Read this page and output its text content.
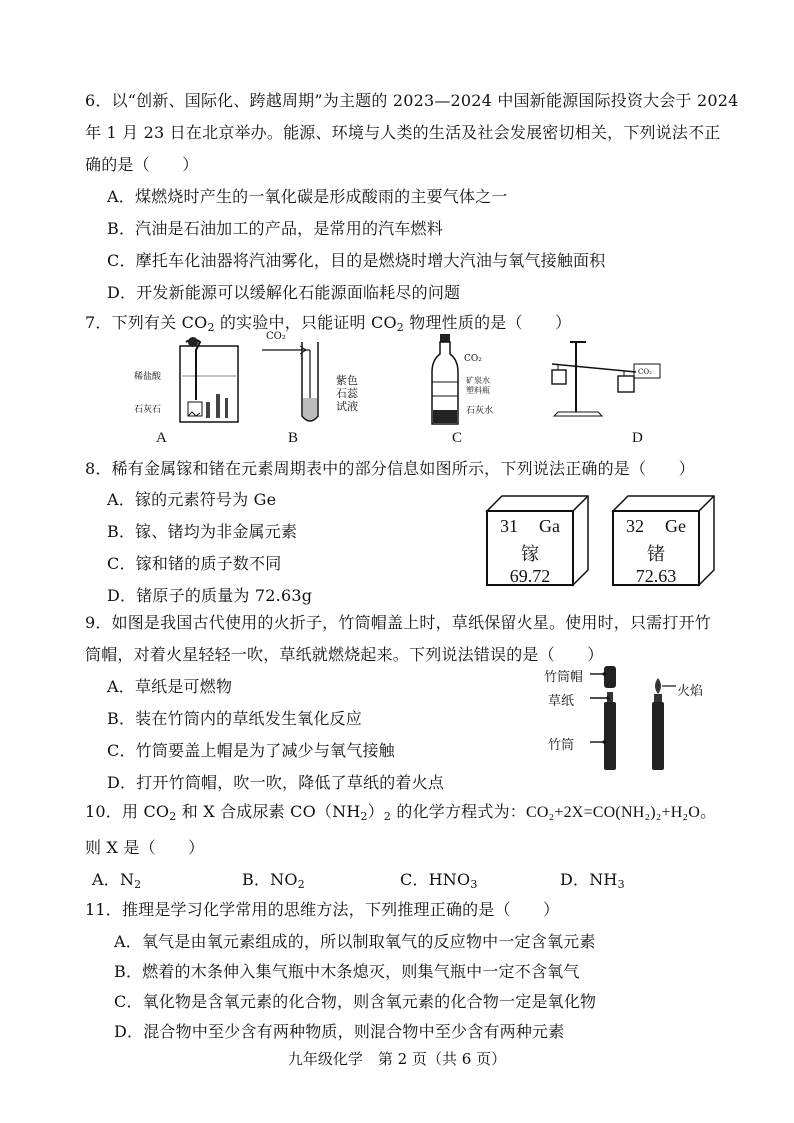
6．以“创新、国际化、跨越周期”为主题的 2023—2024 中国新能源国际投资大会于 2024
年 1 月 23 日在北京举办。能源、环境与人类的生活及社会发展密切相关，下列说法不正
确的是（　　）
A．煤燃烧时产生的一氧化碳是形成酸雨的主要气体之一
B．汽油是石油加工的产品，是常用的汽车燃料
C．摩托车化油器将汽油雾化，目的是燃烧时增大汽油与氧气接触面积
D．开发新能源可以缓解化石能源面临耗尽的问题
7．下列有关 $CO_2$ 的实验中，只能证明 $CO_2$ 物理性质的是（　　）
稀盐酸
石灰石
CO₂
紫色
石蕊
试液
CO₂
矿泉水
塑料瓶
石灰水
CO₂
A	B	C	D
8．稀有金属镓和锗在元素周期表中的部分信息如图所示，下列说法正确的是（　　）
A．镓的元素符号为 Ge
B．镓、锗均为非金属元素
C．镓和锗的质子数不同
D．锗原子的质量为 72.63g
31 Ga
镓
69.72
32 Ge
锗
72.63
9．如图是我国古代使用的火折子，竹筒帽盖上时，草纸保留火星。使用时，只需打开竹
筒帽，对着火星轻轻一吹，草纸就燃烧起来。下列说法错误的是（　　）
A．草纸是可燃物
B．装在竹筒内的草纸发生氧化反应
C．竹筒要盖上帽是为了减少与氧气接触
D．打开竹筒帽，吹一吹，降低了草纸的着火点
竹筒帽
草纸
竹筒
火焰
10．用 $CO_2$ 和 X 合成尿素 $CO(NH_2)_2$ 的化学方程式为：CO₂+2X=CO(NH₂)₂+H₂O。
则 X 是（　　）
A．$N_2$	B．$NO_2$	C．$HNO_3$	D．$NH_3$
11．推理是学习化学常用的思维方法，下列推理正确的是（　　）
A．氧气是由氧元素组成的，所以制取氧气的反应物中一定含氧元素
B．燃着的木条伸入集气瓶中木条熄灭，则集气瓶中一定不含氧气
C．氧化物是含氧元素的化合物，则含氧元素的化合物一定是氧化物
D．混合物中至少含有两种物质，则混合物中至少含有两种元素
九年级化学　第 2 页（共 6 页）
